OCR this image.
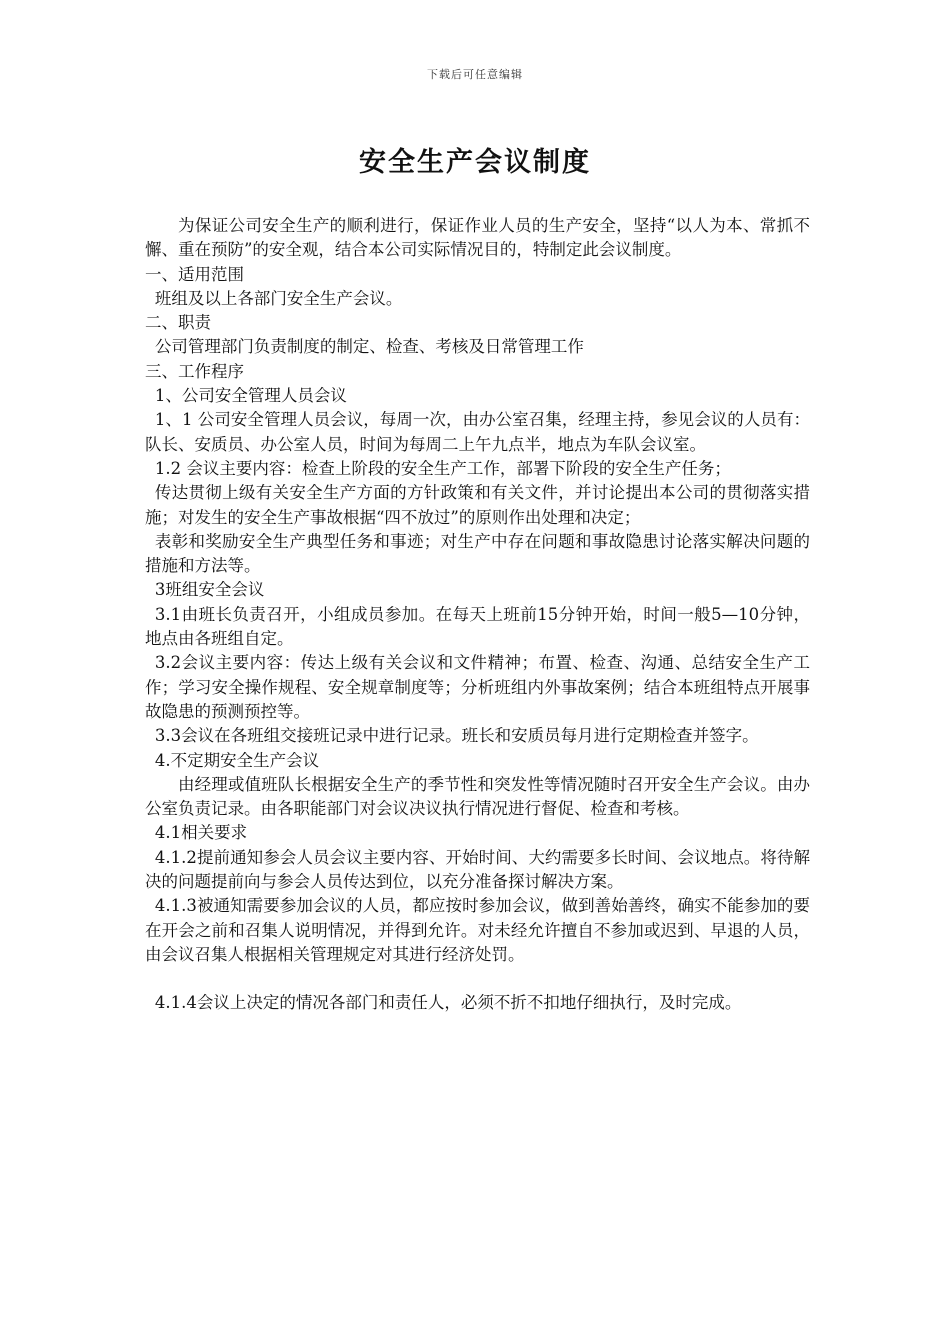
下载后可任意编辑
安全生产会议制度

为保证公司安全生产的顺利进行，保证作业人员的生产安全，坚持“以人为本、常抓不懈、重在预防”的安全观，结合本公司实际情况目的，特制定此会议制度。

一、适用范围

班组及以上各部门安全生产会议。

二、职责

公司管理部门负责制度的制定、检查、考核及日常管理工作

三、工作程序

1、公司安全管理人员会议

1、1 公司安全管理人员会议，每周一次，由办公室召集，经理主持，参见会议的人员有：队长、安质员、办公室人员，时间为每周二上午九点半，地点为车队会议室。

1.2 会议主要内容：检查上阶段的安全生产工作，部署下阶段的安全生产任务；

传达贯彻上级有关安全生产方面的方针政策和有关文件，并讨论提出本公司的贯彻落实措施；对发生的安全生产事故根据“四不放过”的原则作出处理和决定；

表彰和奖励安全生产典型任务和事迹；对生产中存在问题和事故隐患讨论落实解决问题的措施和方法等。

3班组安全会议

3.1由班长负责召开，小组成员参加。在每天上班前15分钟开始，时间一般5—10分钟，地点由各班组自定。

3.2会议主要内容：传达上级有关会议和文件精神；布置、检查、沟通、总结安全生产工作；学习安全操作规程、安全规章制度等；分析班组内外事故案例；结合本班组特点开展事故隐患的预测预控等。

3.3会议在各班组交接班记录中进行记录。班长和安质员每月进行定期检查并签字。

4.不定期安全生产会议

由经理或值班队长根据安全生产的季节性和突发性等情况随时召开安全生产会议。由办公室负责记录。由各职能部门对会议决议执行情况进行督促、检查和考核。

4.1相关要求

4.1.2提前通知参会人员会议主要内容、开始时间、大约需要多长时间、会议地点。将待解决的问题提前向与参会人员传达到位，以充分准备探讨解决方案。

4.1.3被通知需要参加会议的人员，都应按时参加会议，做到善始善终，确实不能参加的要在开会之前和召集人说明情况，并得到允许。对未经允许擅自不参加或迟到、早退的人员，由会议召集人根据相关管理规定对其进行经济处罚。

4.1.4会议上决定的情况各部门和责任人，必须不折不扣地仔细执行，及时完成。
